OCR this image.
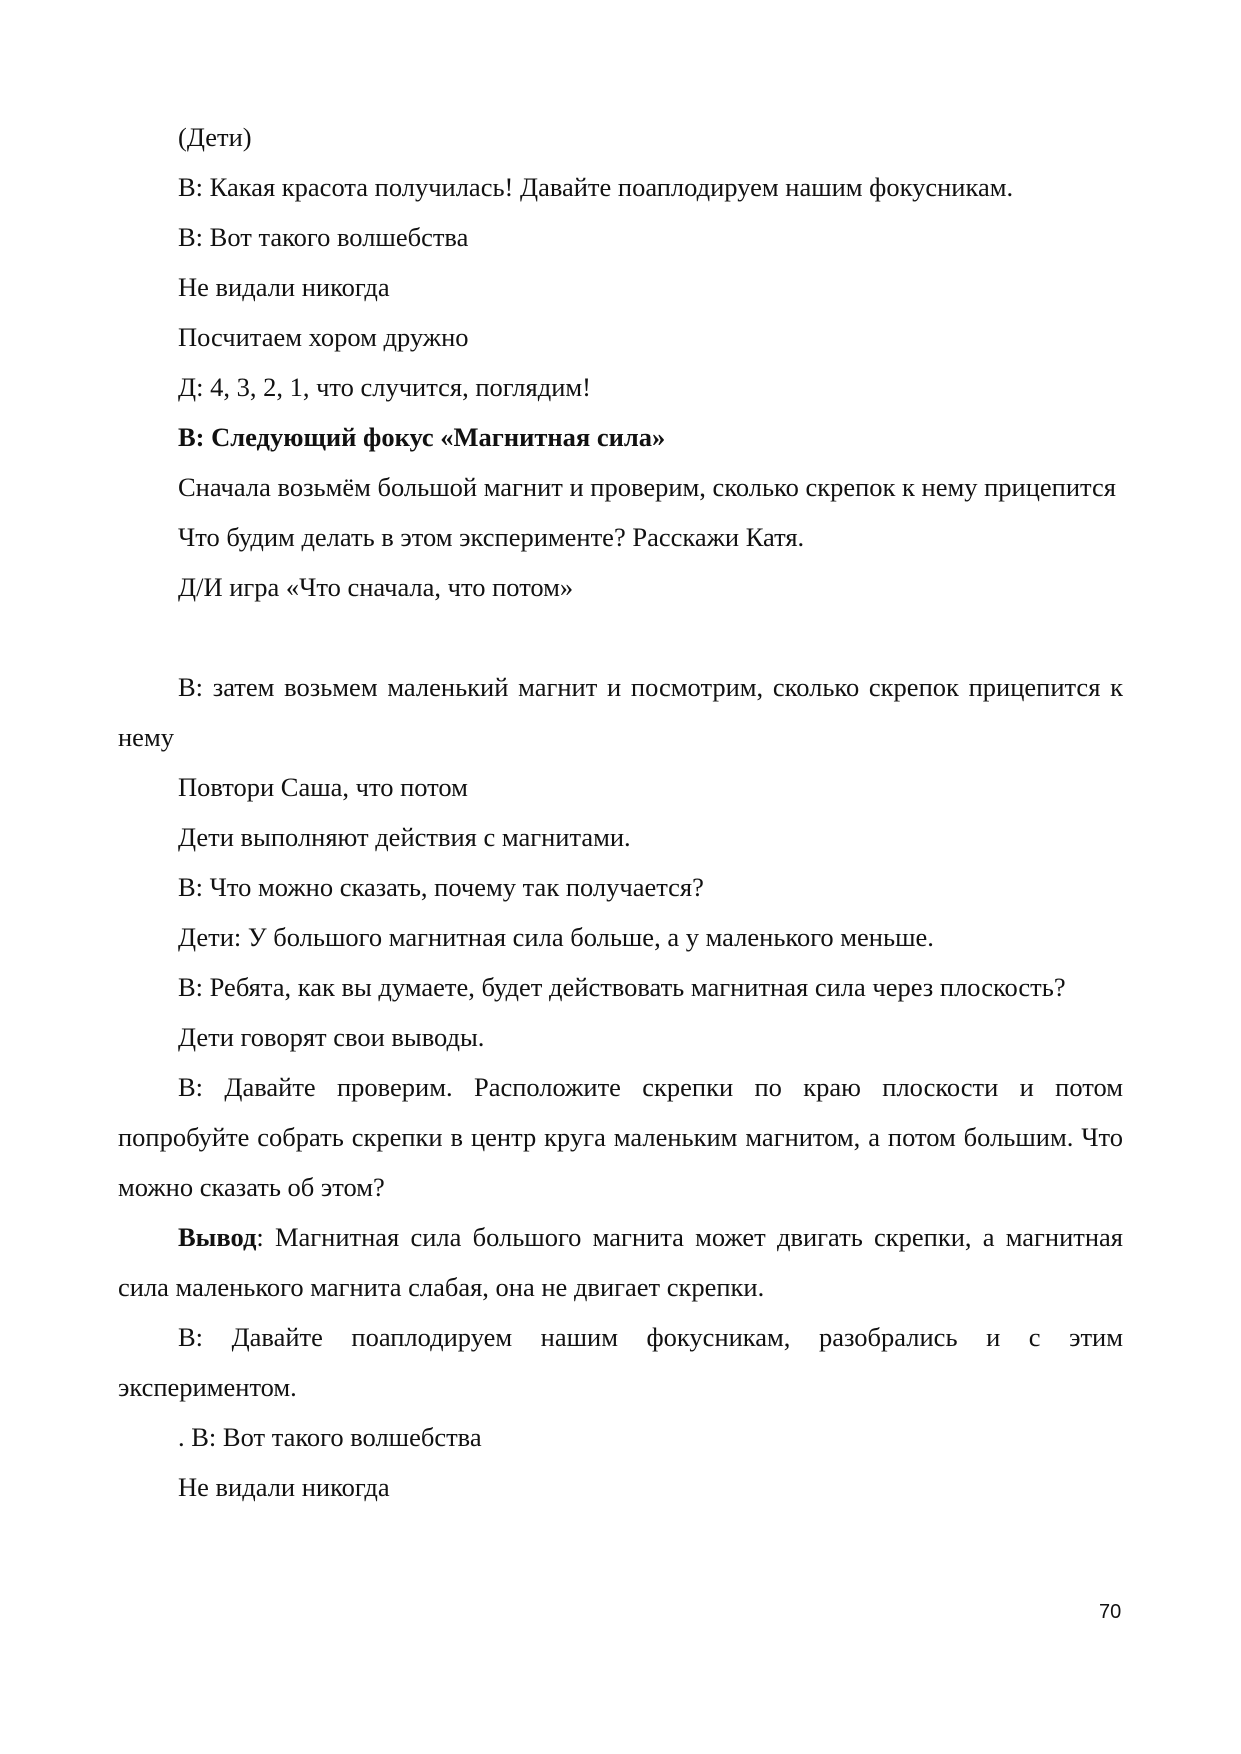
(Дети)

В: Какая красота получилась! Давайте поаплодируем нашим фокусникам.

В: Вот такого волшебства

Не видали никогда

Посчитаем хором дружно

Д: 4, 3, 2, 1, что случится, поглядим!

В: Следующий фокус «Магнитная сила»

Сначала возьмём большой магнит и проверим, сколько скрепок к нему прицепится

Что будим делать в этом эксперименте? Расскажи Катя.

Д/И игра «Что сначала, что потом»

В: затем возьмем маленький магнит и посмотрим, сколько скрепок прицепится к нему

Повтори Саша, что потом

Дети выполняют действия с магнитами.

В: Что можно сказать, почему так получается?

Дети: У большого магнитная сила больше, а у маленького меньше.

В: Ребята, как вы думаете, будет действовать магнитная сила через плоскость?

Дети говорят свои выводы.

В: Давайте проверим. Расположите скрепки по краю плоскости и потом попробуйте собрать скрепки в центр круга маленьким магнитом, а потом большим. Что можно сказать об этом?

Вывод: Магнитная сила большого магнита может двигать скрепки, а магнитная сила маленького магнита слабая, она не двигает скрепки.

В: Давайте поаплодируем нашим фокусникам, разобрались и с этим экспериментом.

. В: Вот такого волшебства

Не видали никогда

70
